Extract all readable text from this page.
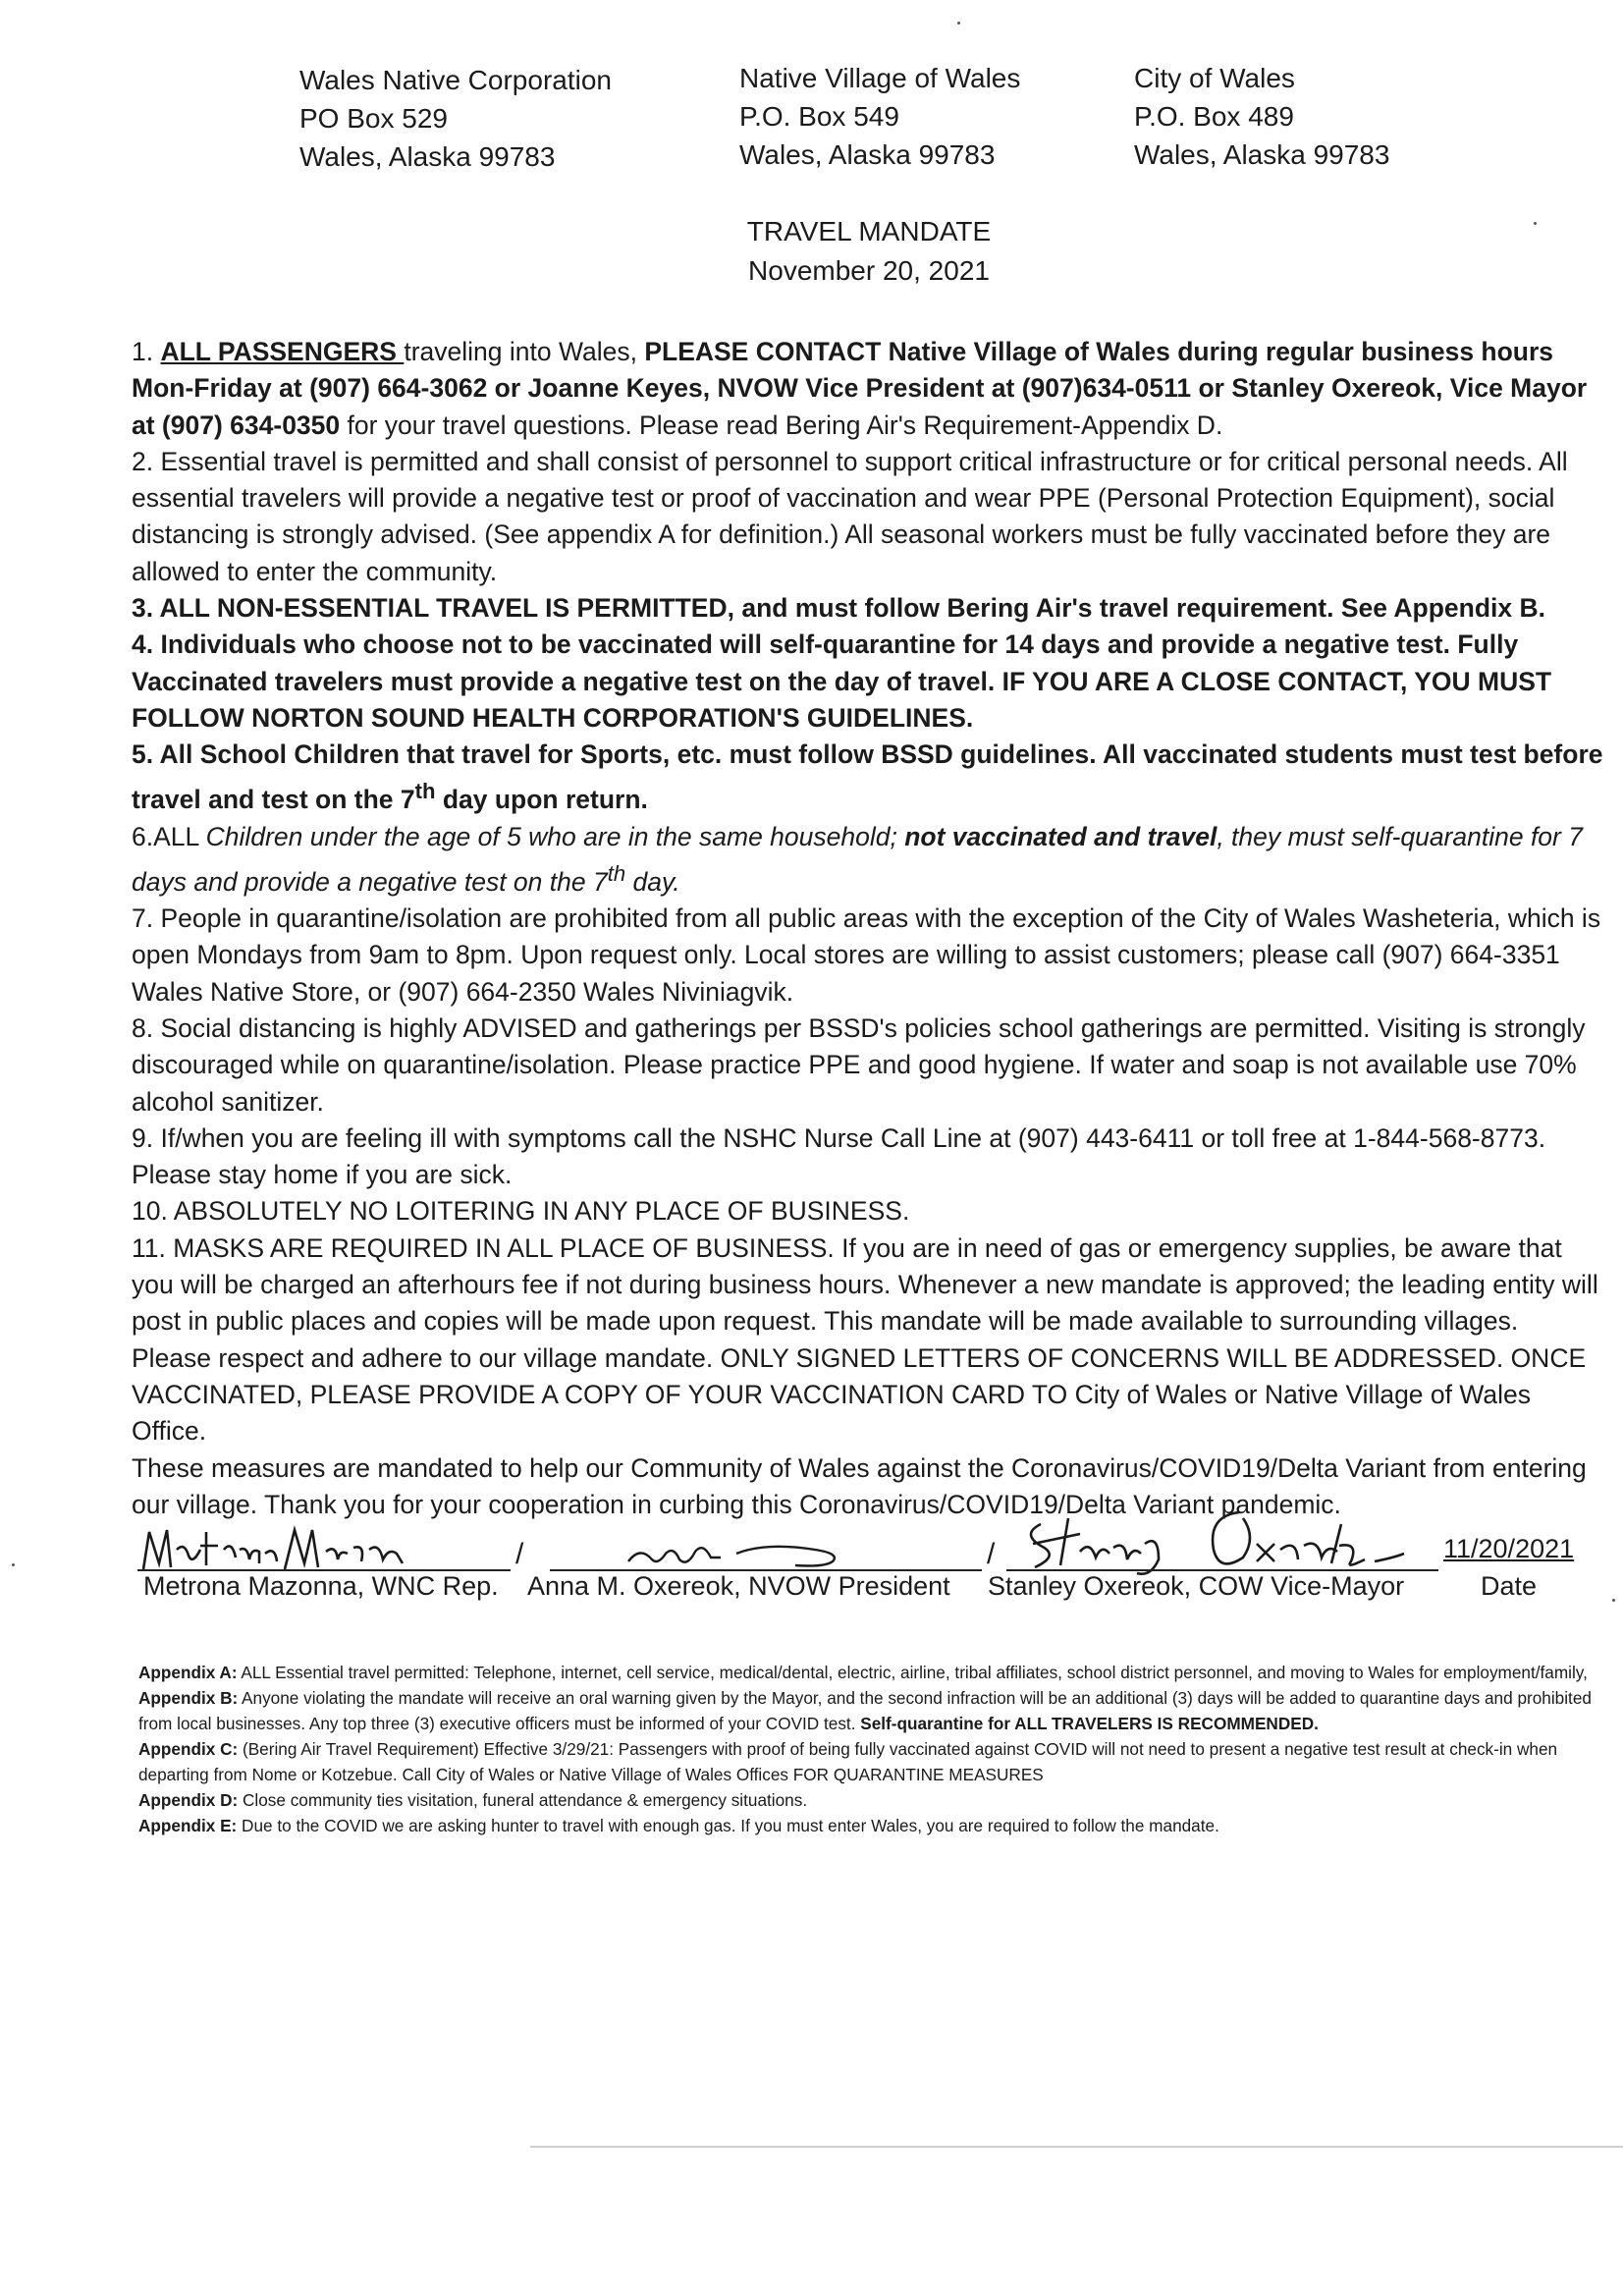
Wales Native Corporation
PO Box 529
Wales, Alaska 99783
Native Village of Wales
P.O. Box 549
Wales, Alaska 99783
City of Wales
P.O. Box 489
Wales, Alaska 99783
TRAVEL MANDATE
November 20, 2021

1. ALL PASSENGERS traveling into Wales, PLEASE CONTACT Native Village of Wales during regular business hours Mon-Friday at (907) 664-3062 or Joanne Keyes, NVOW Vice President at (907)634-0511 or Stanley Oxereok, Vice Mayor at (907) 634-0350 for your travel questions. Please read Bering Air's Requirement-Appendix D.

2. Essential travel is permitted and shall consist of personnel to support critical infrastructure or for critical personal needs. All essential travelers will provide a negative test or proof of vaccination and wear PPE (Personal Protection Equipment), social distancing is strongly advised. (See appendix A for definition.) All seasonal workers must be fully vaccinated before they are allowed to enter the community.

3. ALL NON-ESSENTIAL TRAVEL IS PERMITTED, and must follow Bering Air's travel requirement. See Appendix B.

4. Individuals who choose not to be vaccinated will self-quarantine for 14 days and provide a negative test. Fully Vaccinated travelers must provide a negative test on the day of travel. IF YOU ARE A CLOSE CONTACT, YOU MUST FOLLOW NORTON SOUND HEALTH CORPORATION'S GUIDELINES.

5. All School Children that travel for Sports, etc. must follow BSSD guidelines. All vaccinated students must test before travel and test on the 7th day upon return.

6.ALL Children under the age of 5 who are in the same household; not vaccinated and travel, they must self-quarantine for 7 days and provide a negative test on the 7th day.

7. People in quarantine/isolation are prohibited from all public areas with the exception of the City of Wales Washeteria, which is open Mondays from 9am to 8pm. Upon request only. Local stores are willing to assist customers; please call (907) 664-3351 Wales Native Store, or (907) 664-2350 Wales Niviniagvik.

8. Social distancing is highly ADVISED and gatherings per BSSD's policies school gatherings are permitted. Visiting is strongly discouraged while on quarantine/isolation. Please practice PPE and good hygiene. If water and soap is not available use 70% alcohol sanitizer.

9. If/when you are feeling ill with symptoms call the NSHC Nurse Call Line at (907) 443-6411 or toll free at 1-844-568-8773. Please stay home if you are sick.

10. ABSOLUTELY NO LOITERING IN ANY PLACE OF BUSINESS.

11. MASKS ARE REQUIRED IN ALL PLACE OF BUSINESS. If you are in need of gas or emergency supplies, be aware that you will be charged an afterhours fee if not during business hours. Whenever a new mandate is approved; the leading entity will post in public places and copies will be made upon request. This mandate will be made available to surrounding villages. Please respect and adhere to our village mandate. ONLY SIGNED LETTERS OF CONCERNS WILL BE ADDRESSED. ONCE VACCINATED, PLEASE PROVIDE A COPY OF YOUR VACCINATION CARD TO City of Wales or Native Village of Wales Office.

These measures are mandated to help our Community of Wales against the Coronavirus/COVID19/Delta Variant from entering our village. Thank you for your cooperation in curbing this Coronavirus/COVID19/Delta Variant pandemic.

/	/	11/20/2021
Metrona Mazonna, WNC Rep. Anna M. Oxereok, NVOW President Stanley Oxereok, COW Vice-Mayor	Date

Appendix A: ALL Essential travel permitted: Telephone, internet, cell service, medical/dental, electric, airline, tribal affiliates, school district personnel, and moving to Wales for employment/family,

Appendix B: Anyone violating the mandate will receive an oral warning given by the Mayor, and the second infraction will be an additional (3) days will be added to quarantine days and prohibited from local businesses. Any top three (3) executive officers must be informed of your COVID test. Self-quarantine for ALL TRAVELERS IS RECOMMENDED.

Appendix C: (Bering Air Travel Requirement) Effective 3/29/21: Passengers with proof of being fully vaccinated against COVID will not need to present a negative test result at check-in when departing from Nome or Kotzebue. Call City of Wales or Native Village of Wales Offices FOR QUARANTINE MEASURES

Appendix D: Close community ties visitation, funeral attendance & emergency situations.

Appendix E: Due to the COVID we are asking hunter to travel with enough gas. If you must enter Wales, you are required to follow the mandate.
